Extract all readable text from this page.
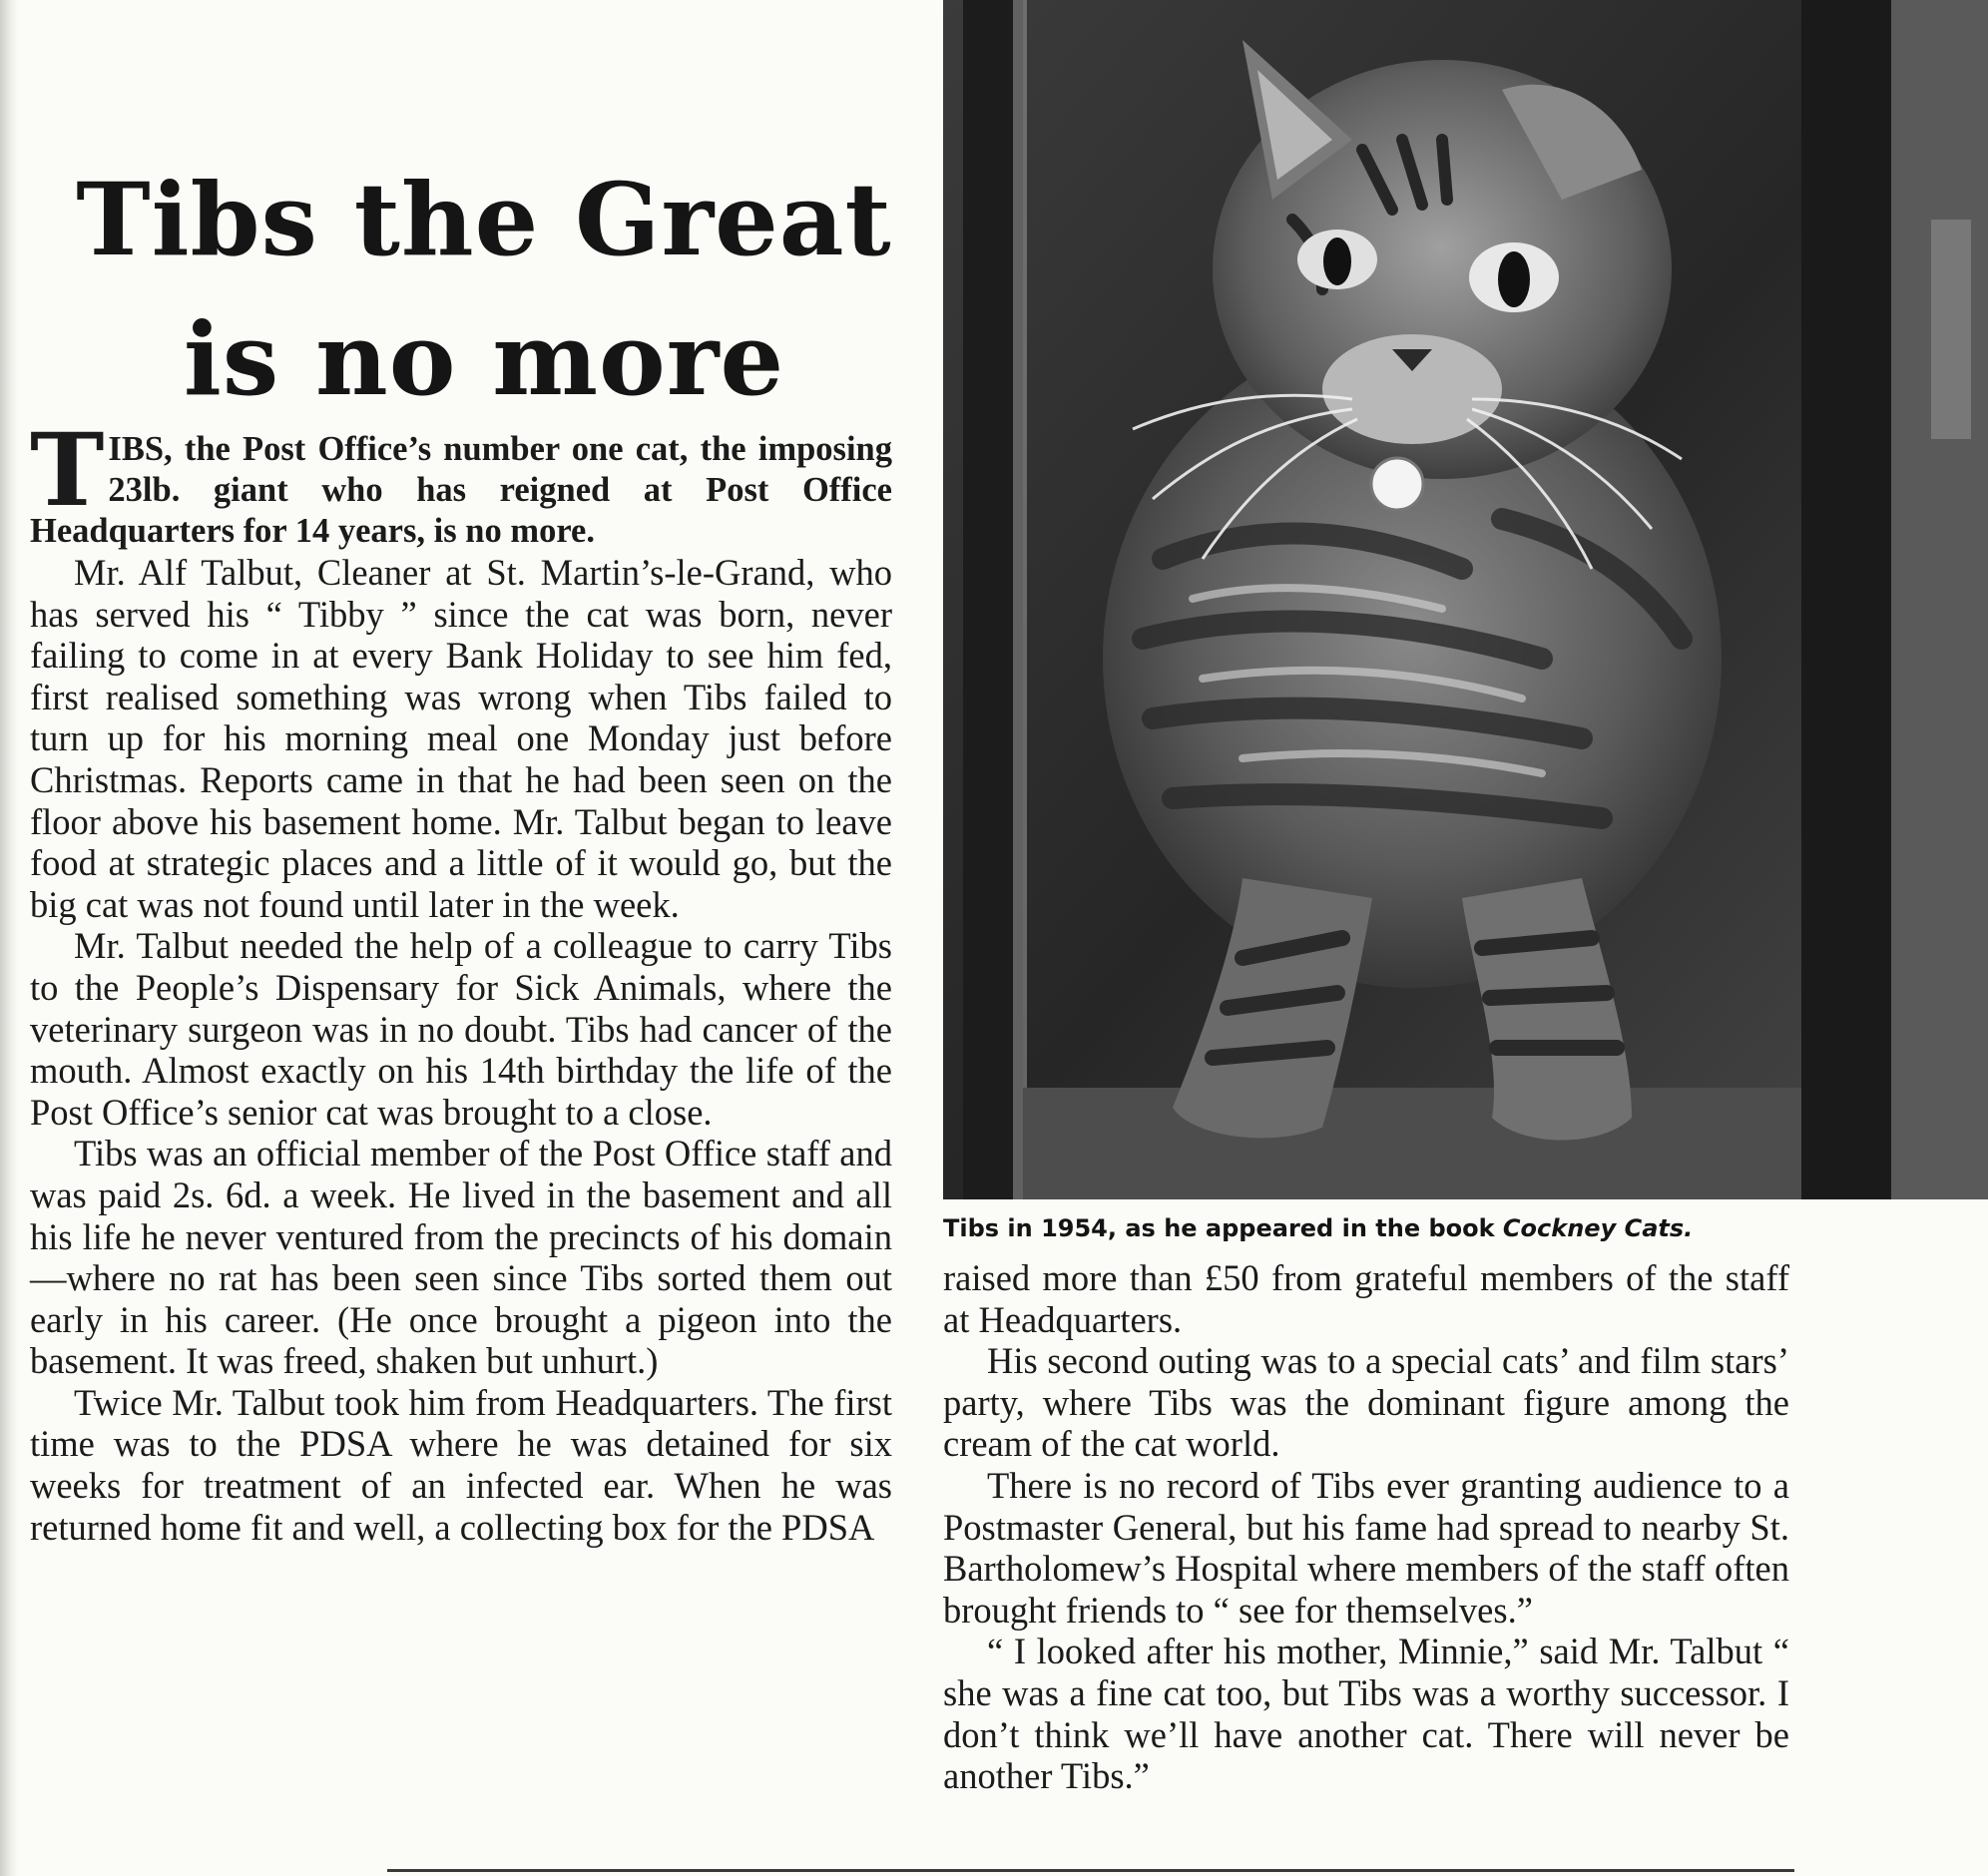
Tibs the Great
is no more

TIBS, the Post Office’s number one cat, the imposing 23lb. giant who has reigned at Post Office Headquarters for 14 years, is no more.

Mr. Alf Talbut, Cleaner at St. Martin’s-le-Grand, who has served his “ Tibby ” since the cat was born, never failing to come in at every Bank Holiday to see him fed, first realised something was wrong when Tibs failed to turn up for his morning meal one Monday just before Christmas. Reports came in that he had been seen on the floor above his basement home. Mr. Talbut began to leave food at strategic places and a little of it would go, but the big cat was not found until later in the week.

Mr. Talbut needed the help of a colleague to carry Tibs to the People’s Dispensary for Sick Animals, where the veterinary surgeon was in no doubt. Tibs had cancer of the mouth. Almost exactly on his 14th birthday the life of the Post Office’s senior cat was brought to a close.

Tibs was an official member of the Post Office staff and was paid 2s. 6d. a week. He lived in the basement and all his life he never ventured from the precincts of his domain—where no rat has been seen since Tibs sorted them out early in his career. (He once brought a pigeon into the basement. It was freed, shaken but unhurt.)

Twice Mr. Talbut took him from Headquarters. The first time was to the PDSA where he was detained for six weeks for treatment of an infected ear. When he was returned home fit and well, a collecting box for the PDSA

Tibs in 1954, as he appeared in the book Cockney Cats.

raised more than £50 from grateful members of the staff at Headquarters.

His second outing was to a special cats’ and film stars’ party, where Tibs was the dominant figure among the cream of the cat world.

There is no record of Tibs ever granting audience to a Postmaster General, but his fame had spread to nearby St. Bartholomew’s Hospital where members of the staff often brought friends to “ see for themselves.”

“ I looked after his mother, Minnie,” said Mr. Talbut “ she was a fine cat too, but Tibs was a worthy successor. I don’t think we’ll have another cat. There will never be another Tibs.”
